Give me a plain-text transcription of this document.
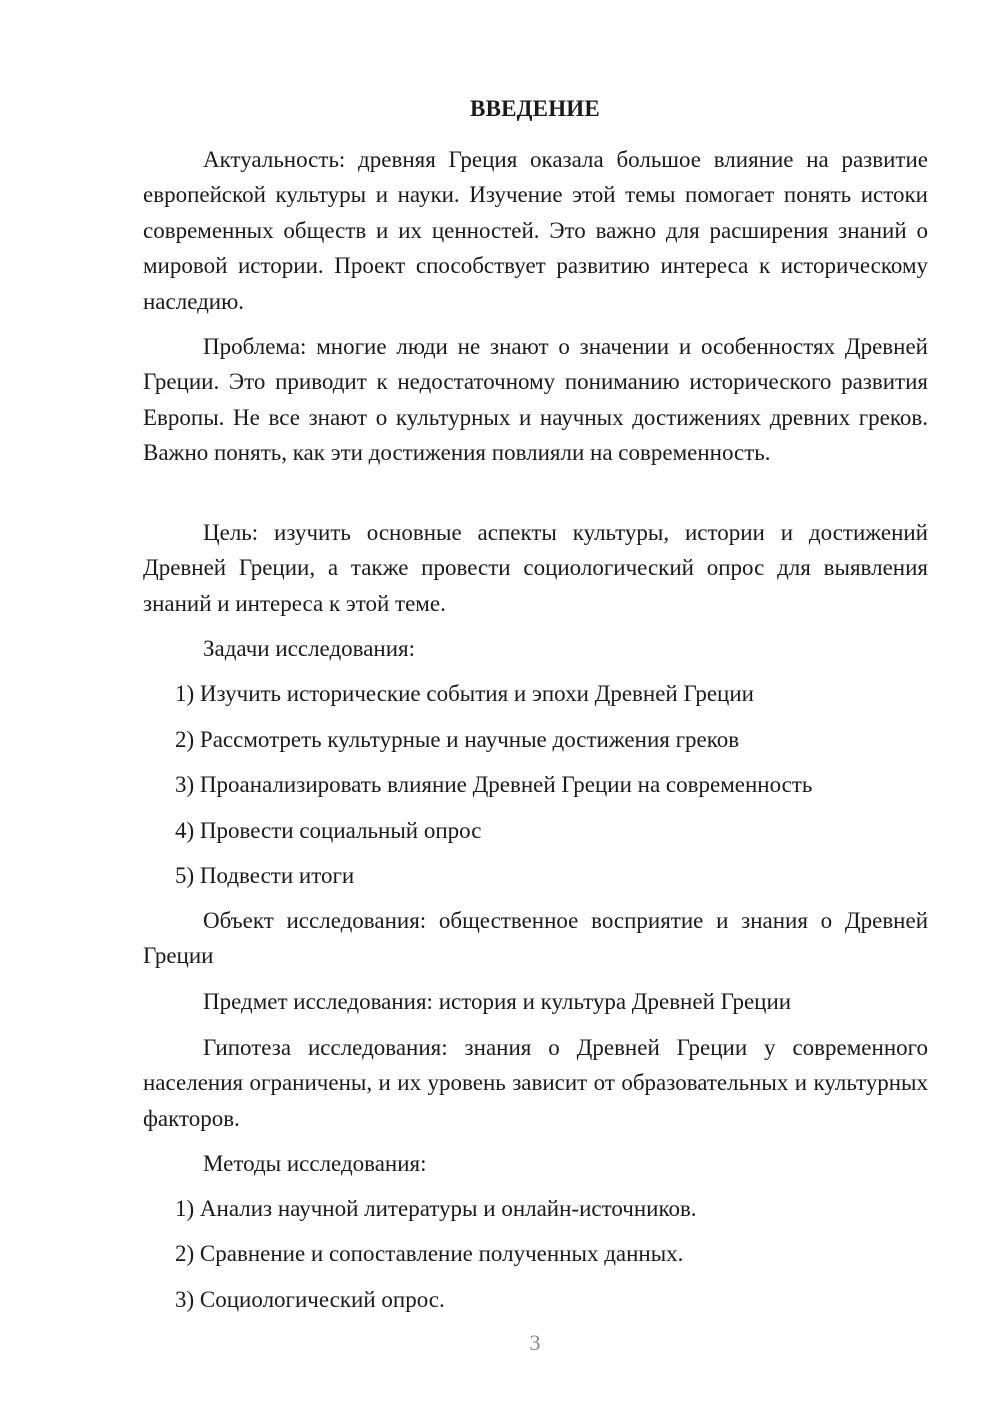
ВВЕДЕНИЕ

Актуальность: древняя Греция оказала большое влияние на развитие европейской культуры и науки. Изучение этой темы помогает понять истоки современных обществ и их ценностей. Это важно для расширения знаний о мировой истории. Проект способствует развитию интереса к историческому наследию.

Проблема: многие люди не знают о значении и особенностях Древней Греции. Это приводит к недостаточному пониманию исторического развития Европы. Не все знают о культурных и научных достижениях древних греков. Важно понять, как эти достижения повлияли на современность.

Цель: изучить основные аспекты культуры, истории и достижений Древней Греции, а также провести социологический опрос для выявления знаний и интереса к этой теме.

Задачи исследования:
1) Изучить исторические события и эпохи Древней Греции
2) Рассмотреть культурные и научные достижения греков
3) Проанализировать влияние Древней Греции на современность
4) Провести социальный опрос
5) Подвести итоги

Объект исследования: общественное восприятие и знания о Древней Греции

Предмет исследования: история и культура Древней Греции

Гипотеза исследования: знания о Древней Греции у современного населения ограничены, и их уровень зависит от образовательных и культурных факторов.

Методы исследования:
1) Анализ научной литературы и онлайн-источников.
2) Сравнение и сопоставление полученных данных.
3) Социологический опрос.
3
